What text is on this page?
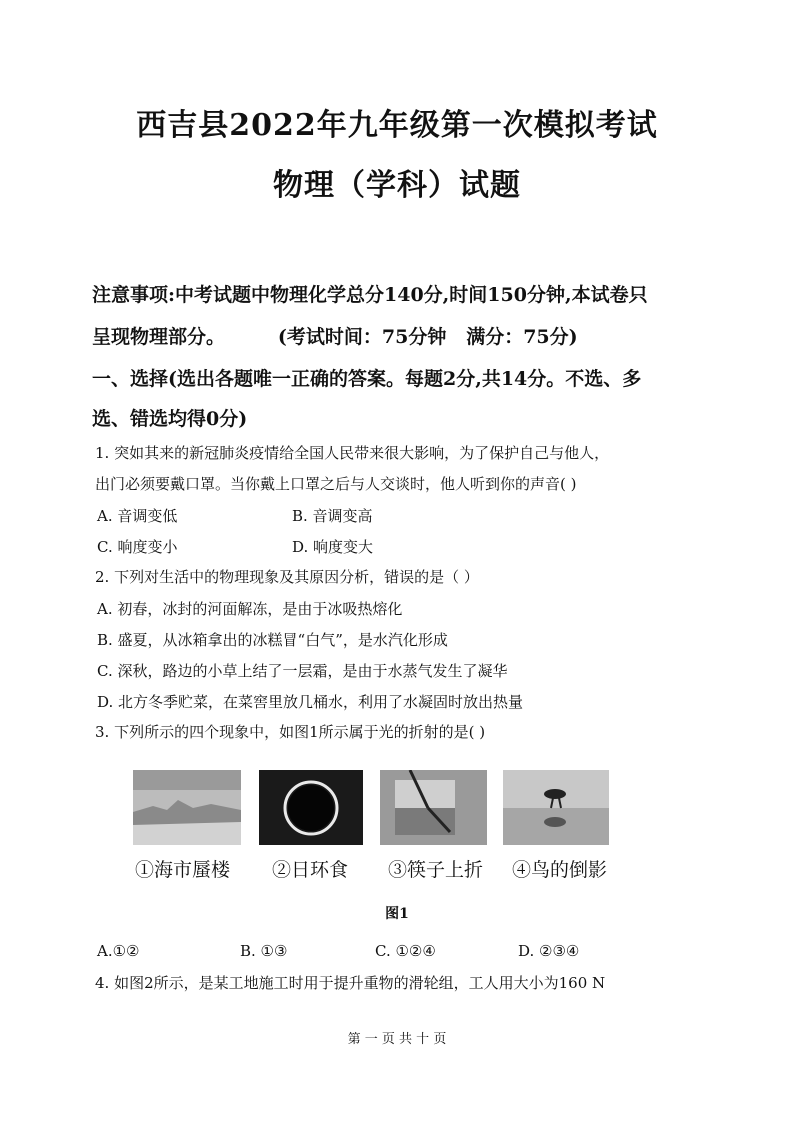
西吉县2022年九年级第一次模拟考试
物理（学科）试题
注意事项:中考试题中物理化学总分140分,时间150分钟,本试卷只
呈现物理部分。        (考试时间：75分钟   满分：75分)
一、选择(选出各题唯一正确的答案。每题2分,共14分。不选、多
选、错选均得0分)
1. 突如其来的新冠肺炎疫情给全国人民带来很大影响，为了保护自己与他人，
出门必须要戴口罩。当你戴上口罩之后与人交谈时，他人听到你的声音( )
A. 音调变低	B. 音调变高
C. 响度变小	D. 响度变大
2. 下列对生活中的物理现象及其原因分析，错误的是（ ）
A. 初春，冰封的河面解冻，是由于冰吸热熔化
B. 盛夏，从冰箱拿出的冰糕冒“白气”，是水汽化形成
C. 深秋，路边的小草上结了一层霜，是由于水蒸气发生了凝华
D. 北方冬季贮菜，在菜窖里放几桶水，利用了水凝固时放出热量
3. 下列所示的四个现象中，如图1所示属于光的折射的是( )
①海市蜃楼 ②日环食 ③筷子上折 ④鸟的倒影
图1
A.①②	B. ①③	C. ①②④	D. ②③④
4. 如图2所示，是某工地施工时用于提升重物的滑轮组，工人用大小为160 N
第 一 页 共 十 页
